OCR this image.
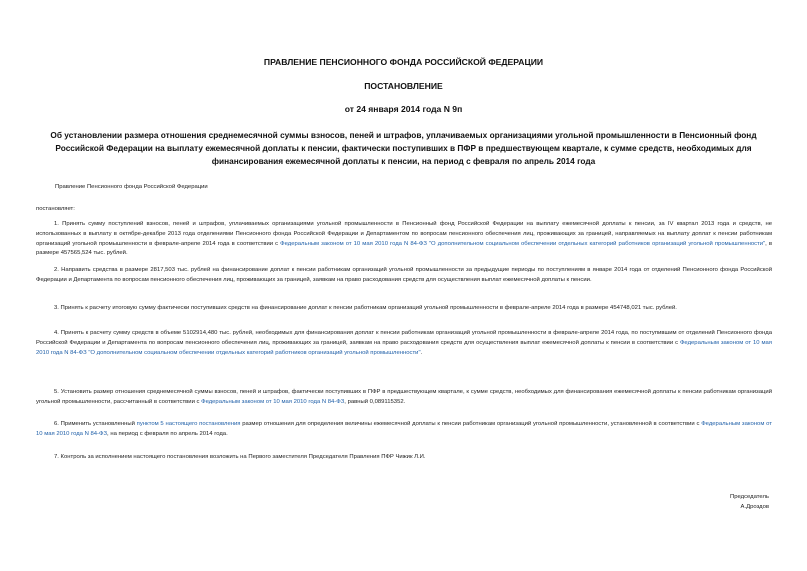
ПРАВЛЕНИЕ ПЕНСИОННОГО ФОНДА РОССИЙСКОЙ ФЕДЕРАЦИИ
ПОСТАНОВЛЕНИЕ
от 24 января 2014 года N 9п
Об установлении размера отношения среднемесячной суммы взносов, пеней и штрафов, уплачиваемых организациями угольной промышленности в Пенсионный фонд Российской Федерации на выплату ежемесячной доплаты к пенсии, фактически поступивших в ПФР в предшествующем квартале, к сумме средств, необходимых для финансирования ежемесячной доплаты к пенсии, на период с февраля по апрель 2014 года
Правление Пенсионного фонда Российской Федерации
постановляет:
1. Принять сумму поступлений взносов, пеней и штрафов, уплачиваемых организациями угольной промышленности в Пенсионный фонд Российской Федерации на выплату ежемесячной доплаты к пенсии, за IV квартал 2013 года и средств, не использованных в выплату в октябре-декабре 2013 года отделениями Пенсионного фонда Российской Федерации и Департаментом по вопросам пенсионного обеспечения лиц, проживающих за границей, направляемых на выплату доплат к пенсии работникам организаций угольной промышленности в феврале-апреле 2014 года в соответствии с Федеральным законом от 10 мая 2010 года N 84-ФЗ "О дополнительном социальном обеспечении отдельных категорий работников организаций угольной промышленности", в размере 457565,524 тыс. рублей.
2. Направить средства в размере 2817,503 тыс. рублей на финансирование доплат к пенсии работникам организаций угольной промышленности за предыдущие периоды по поступлениям в январе 2014 года от отделений Пенсионного фонда Российской Федерации и Департамента по вопросам пенсионного обеспечения лиц, проживающих за границей, заявкам на право расходования средств для осуществления выплат ежемесячной доплаты к пенсии.
3. Принять к расчету итоговую сумму фактически поступивших средств на финансирование доплат к пенсии работникам организаций угольной промышленности в феврале-апреле 2014 года в размере 454748,021 тыс. рублей.
4. Принять к расчету сумму средств в объеме 5102914,480 тыс. рублей, необходимых для финансирования доплат к пенсии работникам организаций угольной промышленности в феврале-апреле 2014 года, по поступившим от отделений Пенсионного фонда Российской Федерации и Департамента по вопросам пенсионного обеспечения лиц, проживающих за границей, заявкам на право расходования средств для осуществления выплат ежемесячной доплаты к пенсии в соответствии с Федеральным законом от 10 мая 2010 года N 84-ФЗ "О дополнительном социальном обеспечении отдельных категорий работников организаций угольной промышленности".
5. Установить размер отношения среднемесячной суммы взносов, пеней и штрафов, фактически поступивших в ПФР в предшествующем квартале, к сумме средств, необходимых для финансирования ежемесячной доплаты к пенсии работникам организаций угольной промышленности, рассчитанный в соответствии с Федеральным законом от 10 мая 2010 года N 84-ФЗ, равный 0,089115352.
6. Применить установленный пунктом 5 настоящего постановления размер отношения для определения величины ежемесячной доплаты к пенсии работникам организаций угольной промышленности, установленной в соответствии с Федеральным законом от 10 мая 2010 года N 84-ФЗ, на период с февраля по апрель 2014 года.
7. Контроль за исполнением настоящего постановления возложить на Первого заместителя Председателя Правления ПФР Чижик Л.И.
Председатель
А.Дроздов
